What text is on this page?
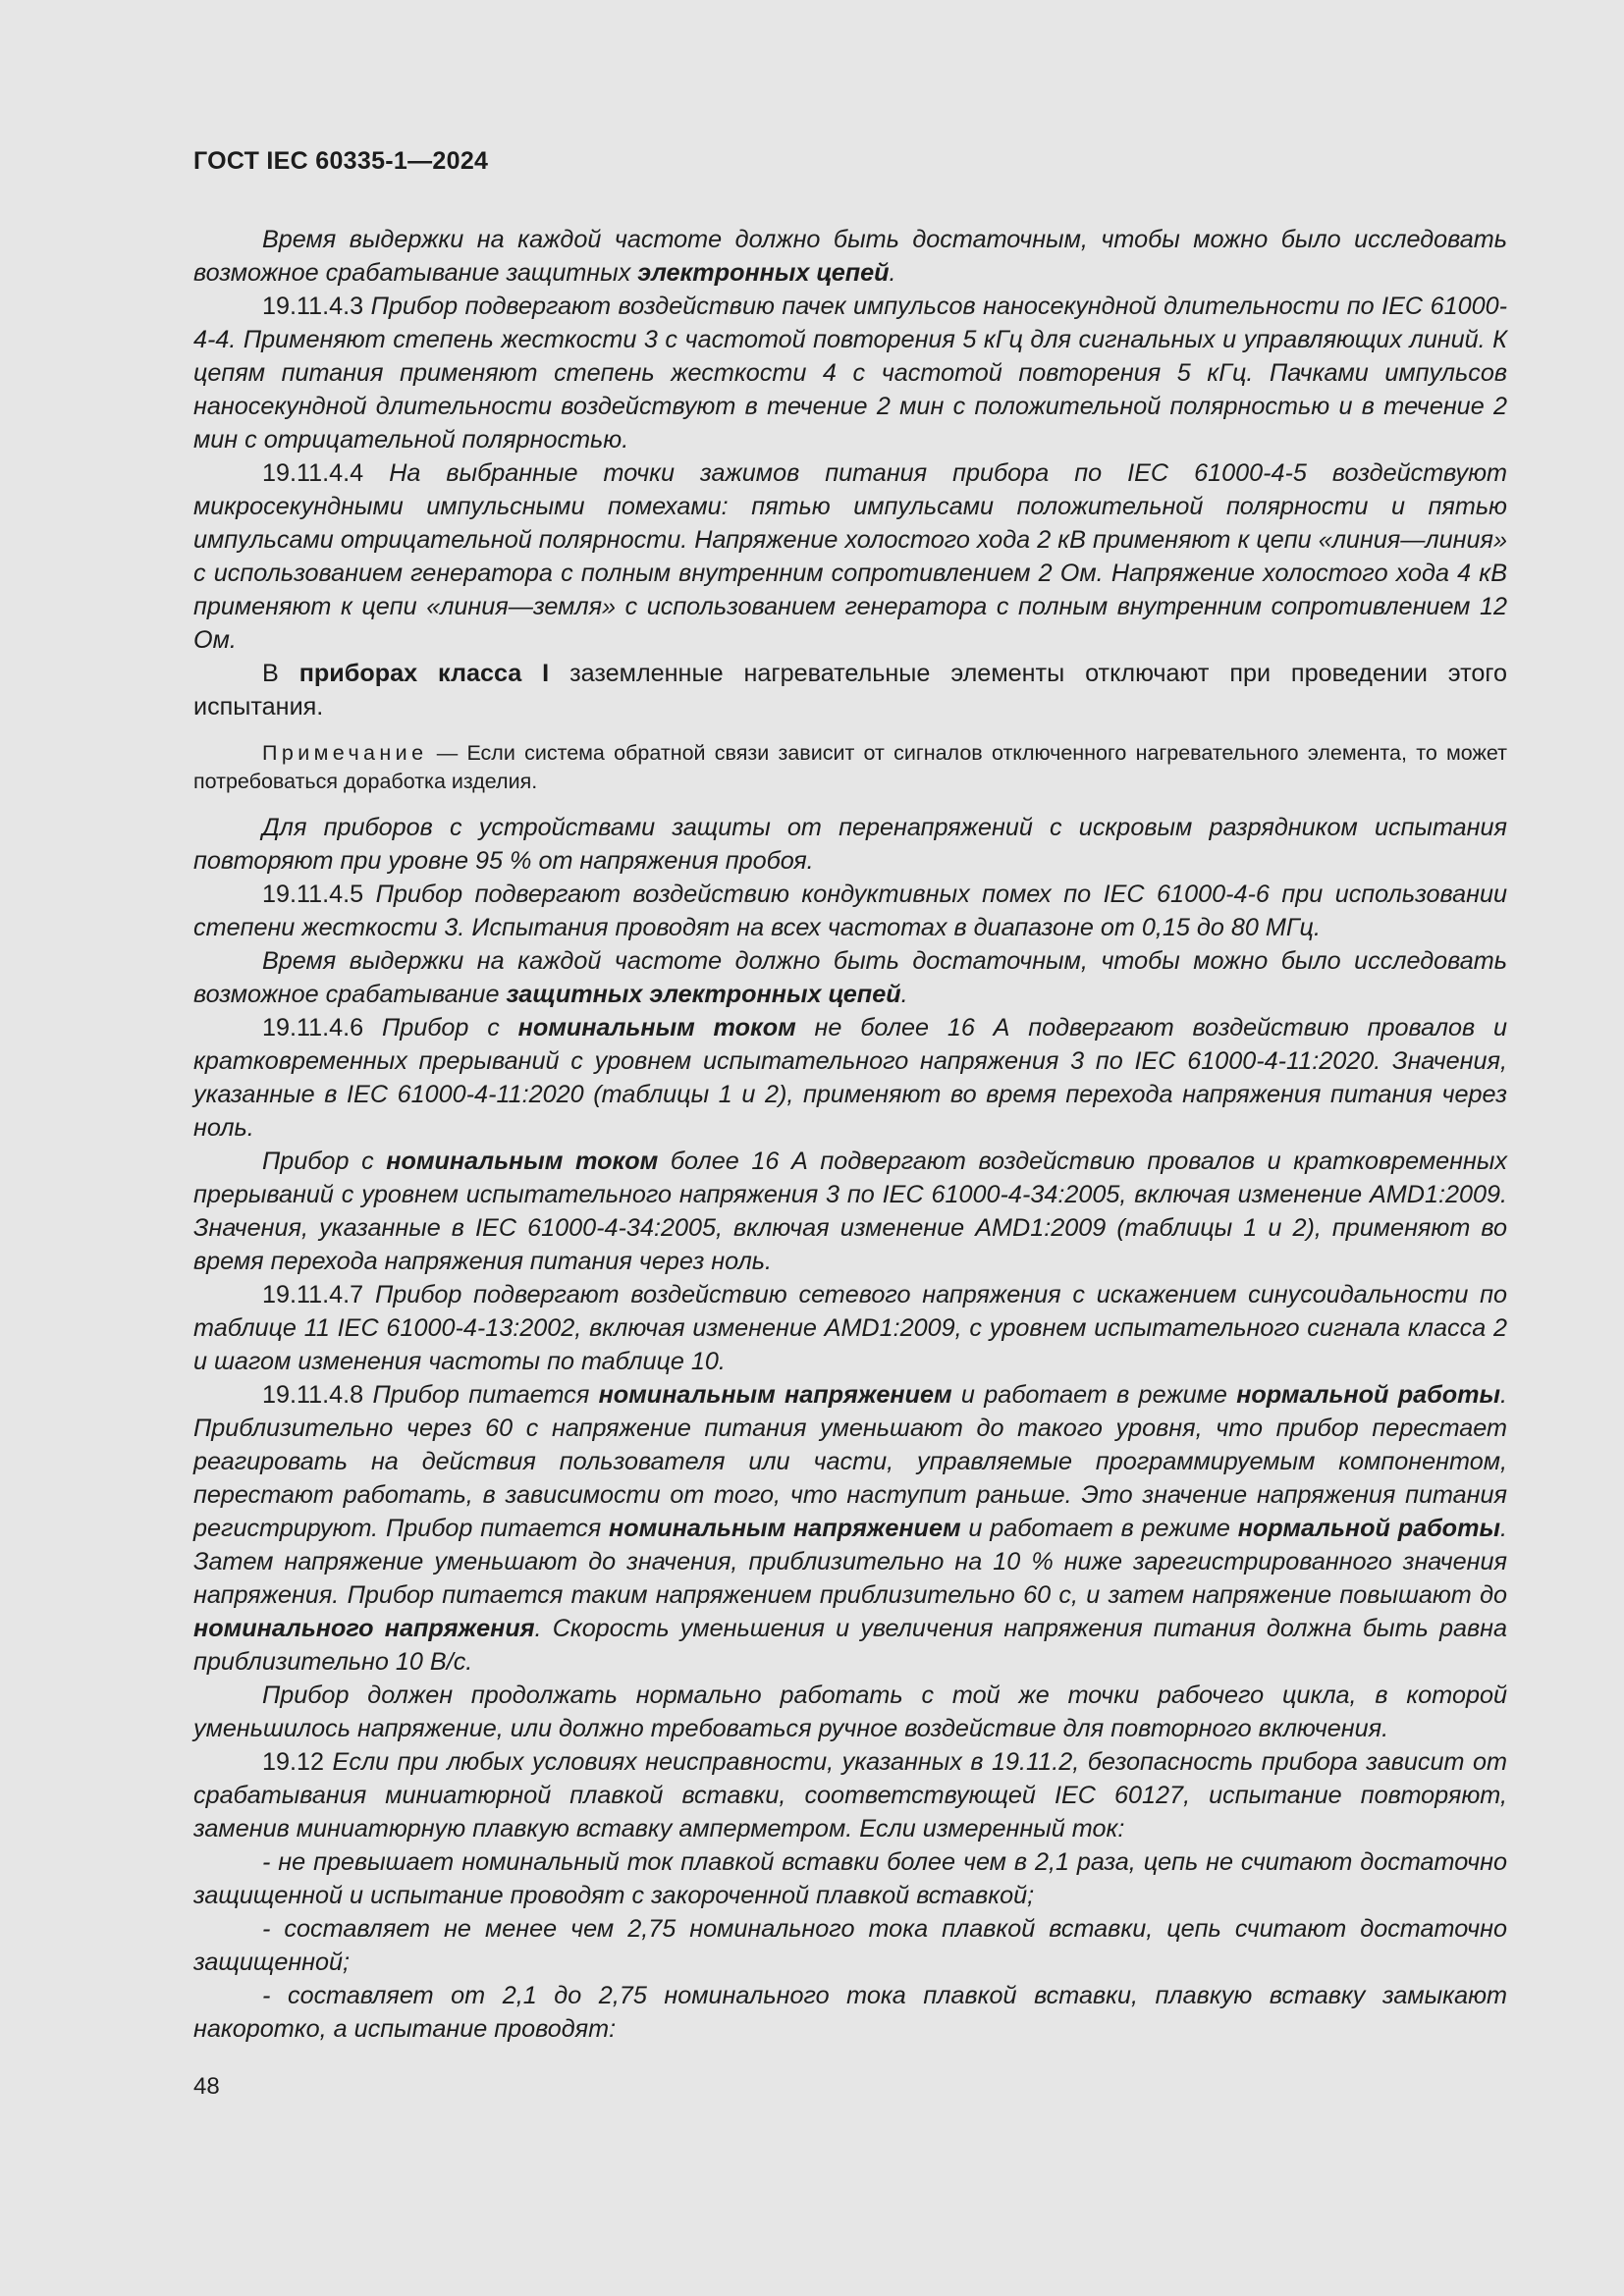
ГОСТ IEC 60335-1—2024

Время выдержки на каждой частоте должно быть достаточным, чтобы можно было исследовать возможное срабатывание защитных электронных цепей.

19.11.4.3 Прибор подвергают воздействию пачек импульсов наносекундной длительности по IEC 61000-4-4. Применяют степень жесткости 3 с частотой повторения 5 кГц для сигнальных и управляющих линий. К цепям питания применяют степень жесткости 4 с частотой повторения 5 кГц. Пачками импульсов наносекундной длительности воздействуют в течение 2 мин с положительной полярностью и в течение 2 мин с отрицательной полярностью.

19.11.4.4 На выбранные точки зажимов питания прибора по IEC 61000-4-5 воздействуют микросекундными импульсными помехами: пятью импульсами положительной полярности и пятью импульсами отрицательной полярности. Напряжение холостого хода 2 кВ применяют к цепи «линия—линия» с использованием генератора с полным внутренним сопротивлением 2 Ом. Напряжение холостого хода 4 кВ применяют к цепи «линия—земля» с использованием генератора с полным внутренним сопротивлением 12 Ом.

В приборах класса I заземленные нагревательные элементы отключают при проведении этого испытания.

Примечание — Если система обратной связи зависит от сигналов отключенного нагревательного элемента, то может потребоваться доработка изделия.

Для приборов с устройствами защиты от перенапряжений с искровым разрядником испытания повторяют при уровне 95 % от напряжения пробоя.

19.11.4.5 Прибор подвергают воздействию кондуктивных помех по IEC 61000-4-6 при использовании степени жесткости 3. Испытания проводят на всех частотах в диапазоне от 0,15 до 80 МГц.

Время выдержки на каждой частоте должно быть достаточным, чтобы можно было исследовать возможное срабатывание защитных электронных цепей.

19.11.4.6 Прибор с номинальным током не более 16 А подвергают воздействию провалов и кратковременных прерываний с уровнем испытательного напряжения 3 по IEC 61000-4-11:2020. Значения, указанные в IEC 61000-4-11:2020 (таблицы 1 и 2), применяют во время перехода напряжения питания через ноль.

Прибор с номинальным током более 16 А подвергают воздействию провалов и кратковременных прерываний с уровнем испытательного напряжения 3 по IEC 61000-4-34:2005, включая изменение AMD1:2009. Значения, указанные в IEC 61000-4-34:2005, включая изменение AMD1:2009 (таблицы 1 и 2), применяют во время перехода напряжения питания через ноль.

19.11.4.7 Прибор подвергают воздействию сетевого напряжения с искажением синусоидальности по таблице 11 IEC 61000-4-13:2002, включая изменение AMD1:2009, с уровнем испытательного сигнала класса 2 и шагом изменения частоты по таблице 10.

19.11.4.8 Прибор питается номинальным напряжением и работает в режиме нормальной работы. Приблизительно через 60 с напряжение питания уменьшают до такого уровня, что прибор перестает реагировать на действия пользователя или части, управляемые программируемым компонентом, перестают работать, в зависимости от того, что наступит раньше. Это значение напряжения питания регистрируют. Прибор питается номинальным напряжением и работает в режиме нормальной работы. Затем напряжение уменьшают до значения, приблизительно на 10 % ниже зарегистрированного значения напряжения. Прибор питается таким напряжением приблизительно 60 с, и затем напряжение повышают до номинального напряжения. Скорость уменьшения и увеличения напряжения питания должна быть равна приблизительно 10 В/с.

Прибор должен продолжать нормально работать с той же точки рабочего цикла, в которой уменьшилось напряжение, или должно требоваться ручное воздействие для повторного включения.

19.12 Если при любых условиях неисправности, указанных в 19.11.2, безопасность прибора зависит от срабатывания миниатюрной плавкой вставки, соответствующей IEC 60127, испытание повторяют, заменив миниатюрную плавкую вставку амперметром. Если измеренный ток:

- не превышает номинальный ток плавкой вставки более чем в 2,1 раза, цепь не считают достаточно защищенной и испытание проводят с закороченной плавкой вставкой;

- составляет не менее чем 2,75 номинального тока плавкой вставки, цепь считают достаточно защищенной;

- составляет от 2,1 до 2,75 номинального тока плавкой вставки, плавкую вставку замыкают накоротко, а испытание проводят:

48
